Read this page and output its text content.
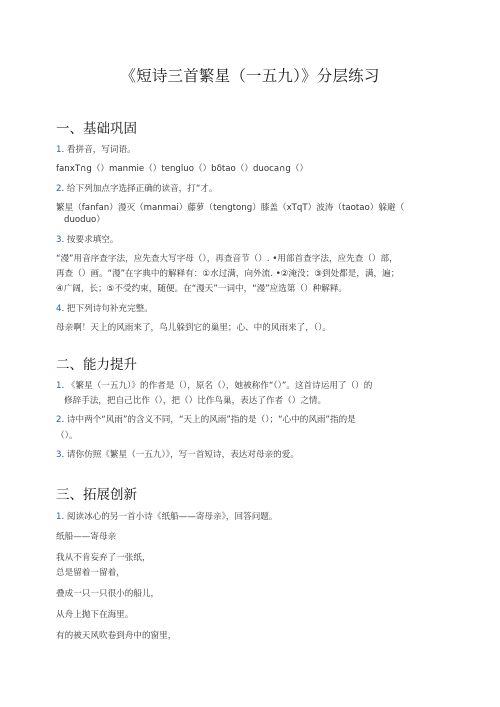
《短诗三首繁星（一五九）》分层练习
一、基础巩固
1. 看拼音，写词语。
fanxT∩g（）manmie（）tengluo（）bδtao（）duoca∩g（）
2. 给下列加点字选择正确的读音，打“才。
繁星（fanfan）漫灭（manmai）藤萝（tengtong）膝盖（xTqT）波涛（taotao）躲避（
duoduo）
3. 按要求填空。
“漫”用音序查字法，应先查大写字母（），再查音节（）. •用部首查字法，应先查（）部，
再查（）画。“漫”在字典中的解释有：①水过满，向外流. •②淹没；③到处都是，满，遍；
④广阔，长；⑤不受约束，随便。在“漫天”一词中，“漫”应选第（）种解释。
4. 把下列诗句补充完整。
母亲啊！天上的风雨来了，鸟儿躲到它的巢里；心、中的风雨来了，（）。
二、能力提升
1. 《繁星（一五九）》的作者是（），原名（），她被称作“（）”。这首诗运用了（）的
修辞手法，把自己比作（），把（）比作鸟巢，表达了作者（）之情。
2. 诗中两个“风雨”的含义不同，“天上的风雨”指的是（）；“心中的风雨”指的是
（）。
3. 请你仿照《繁星（一五九）》，写一首短诗，表达对母亲的爱。
三、拓展创新
1. 阅读冰心的另一首小诗《纸船——寄母亲》，回答问题。
纸船——寄母亲
我从不肯妄弃了一张纸，
总是留着一留着，
叠成一只一只很小的船儿，
从舟上抛下在海里。
有的被天风吹卷到舟中的窗里，
